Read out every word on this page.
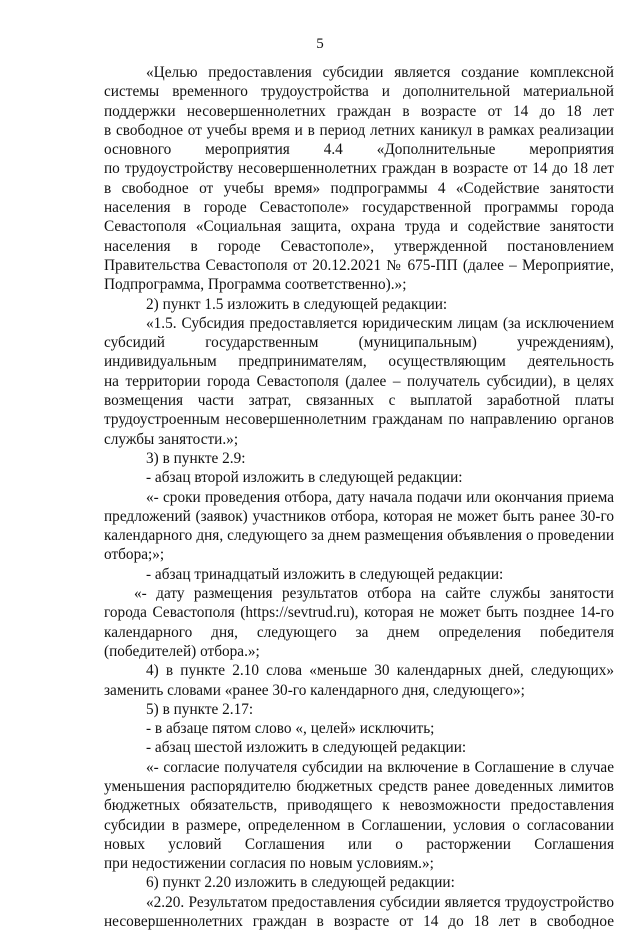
5
«Целью предоставления субсидии является создание комплексной
системы временного трудоустройства и дополнительной материальной
поддержки несовершеннолетних граждан в возрасте от 14 до 18 лет
в свободное от учебы время и в период летних каникул в рамках реализации
основного мероприятия 4.4 «Дополнительные мероприятия
по трудоустройству несовершеннолетних граждан в возрасте от 14 до 18 лет
в свободное от учебы время» подпрограммы 4 «Содействие занятости
населения в городе Севастополе» государственной программы города
Севастополя «Социальная защита, охрана труда и содействие занятости
населения в городе Севастополе», утвержденной постановлением
Правительства Севастополя от 20.12.2021 № 675-ПП (далее – Мероприятие,
Подпрограмма, Программа соответственно).»;
2) пункт 1.5 изложить в следующей редакции:
«1.5. Субсидия предоставляется юридическим лицам (за исключением
субсидий государственным (муниципальным) учреждениям),
индивидуальным предпринимателям, осуществляющим деятельность
на территории города Севастополя (далее – получатель субсидии), в целях
возмещения части затрат, связанных с выплатой заработной платы
трудоустроенным несовершеннолетним гражданам по направлению органов
службы занятости.»;
3) в пункте 2.9:
- абзац второй изложить в следующей редакции:
«- сроки проведения отбора, дату начала подачи или окончания приема
предложений (заявок) участников отбора, которая не может быть ранее 30-го
календарного дня, следующего за днем размещения объявления о проведении
отбора;»;
- абзац тринадцатый изложить в следующей редакции:
«- дату размещения результатов отбора на сайте службы занятости
города Севастополя (https://sevtrud.ru), которая не может быть позднее 14-го
календарного дня, следующего за днем определения победителя
(победителей) отбора.»;
4) в пункте 2.10 слова «меньше 30 календарных дней, следующих»
заменить словами «ранее 30-го календарного дня, следующего»;
5) в пункте 2.17:
- в абзаце пятом слово «, целей» исключить;
- абзац шестой изложить в следующей редакции:
«- согласие получателя субсидии на включение в Соглашение в случае
уменьшения распорядителю бюджетных средств ранее доведенных лимитов
бюджетных обязательств, приводящего к невозможности предоставления
субсидии в размере, определенном в Соглашении, условия о согласовании
новых условий Соглашения или о расторжении Соглашения
при недостижении согласия по новым условиям.»;
6) пункт 2.20 изложить в следующей редакции:
«2.20. Результатом предоставления субсидии является трудоустройство
несовершеннолетних граждан в возрасте от 14 до 18 лет в свободное
